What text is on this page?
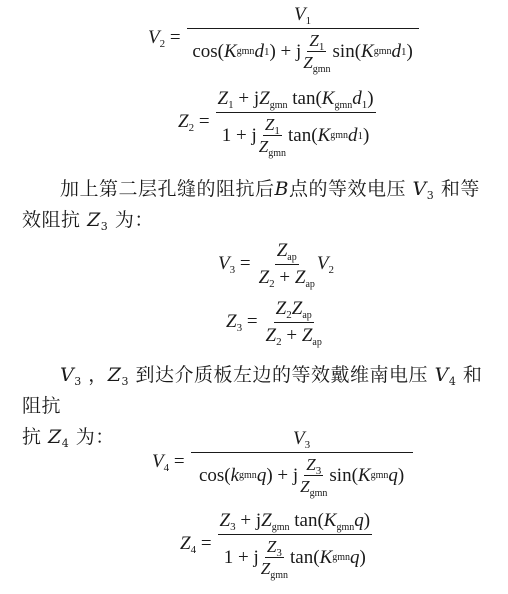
$V_2$ =
$V_1$
cos ( K gmn d 1 )
+
j $\frac{Z_1}{Z_{gmn}}$ sin ( K gmn d 1 )
$Z_2$ =
$Z_1 + jZ_{gmn}$ $\tan(K_{gmn}d_1)$
1
+
j $\frac{Z_1}{Z_{gmn}}$ tan ( K gmn d 1 )
加上第二层孔缝的阻抗后B点的等效电压 $V_3$ 和等效阻抗 $Z_3$ 为：
$V_3 = \frac{Z_{ap}}{Z_2 + Z_{ap}} V_2$
$Z_3 = \frac{Z_2Z_{ap}}{Z_2 + Z_{ap}}$
$V_3$ ，$Z_3$ 到达介质板左边的等效戴维南电压 $V_4$ 和阻抗
抗 $Z_4$ 为：
$V_4$ =
$V_3$
cos ( k gmn q )
+
j $\frac{Z_3}{Z_{gmn}}$ sin ( K gmn q )
$Z_4$ =
$Z_3 + jZ_{gmn}$ $\tan(K_{gmn}q)$
1
+
j $\frac{Z_3}{Z_{gmn}}$ tan ( K gmn q )
